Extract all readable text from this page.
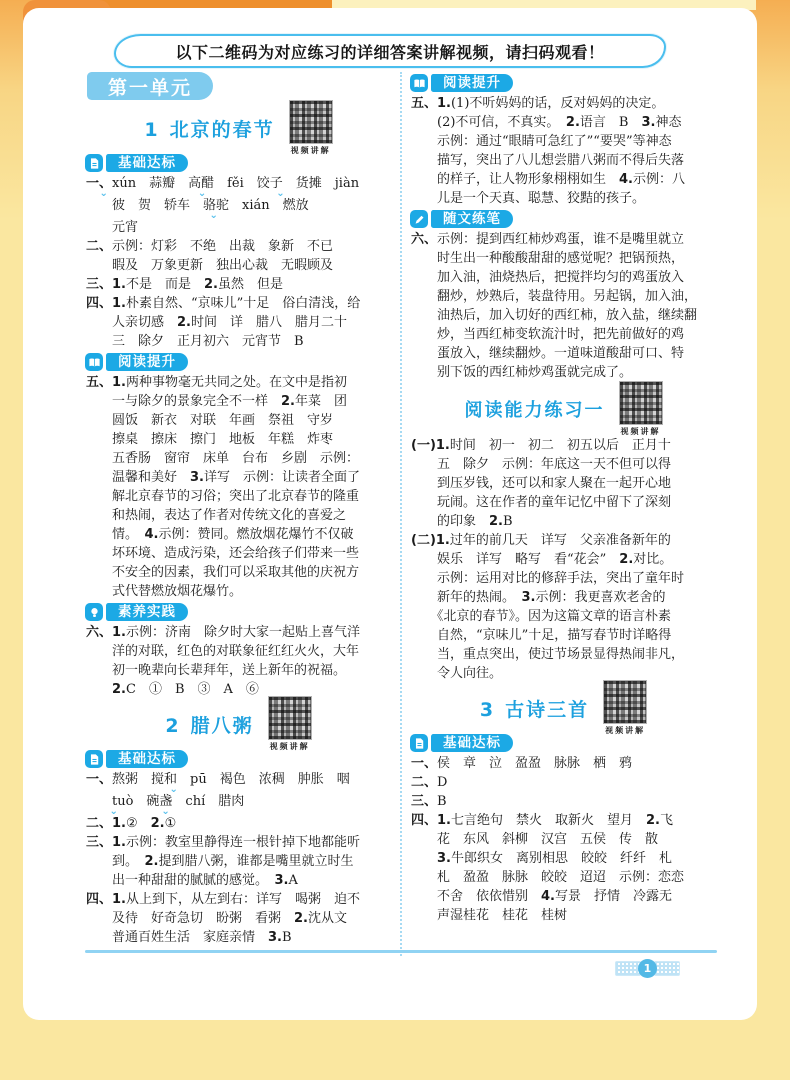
以下二维码为对应练习的详细答案讲解视频，请扫码观看！
第一单元
1 北京的春节
视频讲解
基础达标
一、xún　蒜瓣　高醋　fěi　饺子　货摊　jiàn
　 ⌄　　　　　　　　　⌄　　　　　　　⌄
　　彼　贺　轿车　骆驼　xián　燃放
　　　　　　　　　　　　 ⌄
　　元宵
二、示例：灯彩　不绝　出裁　象新　不已
　　暇及　万象更新　独出心裁　无暇顾及
三、1.不是　而是　2.虽然　但是
四、1.朴素自然、“京味儿”十足　俗白清浅，给
　　人亲切感　2.时间　详　腊八　腊月二十
　　三　除夕　正月初六　元宵节　B
阅读提升
五、1.两种事物毫无共同之处。在文中是指初
　　一与除夕的景象完全不一样　2.年菜　团
　　圆饭　新衣　对联　年画　祭祖　守岁
　　擦桌　擦床　擦门　地板　年糕　炸枣
　　五香肠　窗帘　床单　台布　乡剧　示例：
　　温馨和美好　3.详写　示例：让读者全面了
　　解北京春节的习俗；突出了北京春节的隆重
　　和热闹，表达了作者对传统文化的喜爱之
　　情。　4.示例：赞同。燃放烟花爆竹不仅破
　　坏环境、造成污染，还会给孩子们带来一些
　　不安全的因素，我们可以采取其他的庆祝方
　　式代替燃放烟花爆竹。
素养实践
六、1.示例：济南　除夕时大家一起贴上喜气洋
　　洋的对联，红色的对联象征红红火火，大年
　　初一晚辈向长辈拜年，送上新年的祝福。
　　2.C　①　B　③　A　⑥
2 腊八粥
视频讲解
基础达标
一、熬粥　搅和　pū　褐色　浓稠　肿胀　咽
　　　　　　　　 ⌄
　　tuò　碗盏　chí　腊肉
　　 ⌄　　　　 ⌄
二、1.②　2.①
三、1.示例：教室里静得连一根针掉下地都能听
　　到。　2.提到腊八粥，谁都是嘴里就立时生
　　出一种甜甜的腻腻的感觉。　3.A
四、1.从上到下，从左到右：详写　喝粥　迫不
　　及待　好奇急切　盼粥　看粥　2.沈从文
　　普通百姓生活　家庭亲情　3.B
阅读提升
五、1.(1)不听妈妈的话，反对妈妈的决定。
　　(2)不可信，不真实。　2.语言　B　3.神态
　　示例：通过“眼睛可急红了”“要哭”等神态
　　描写，突出了八儿想尝腊八粥而不得后失落
　　的样子，让人物形象栩栩如生　4.示例：八
　　儿是一个天真、聪慧、狡黠的孩子。
随文练笔
六、示例：提到西红柿炒鸡蛋，谁不是嘴里就立
　　时生出一种酸酸甜甜的感觉呢？把锅预热，
　　加入油，油烧热后，把搅拌均匀的鸡蛋放入
　　翻炒，炒熟后，装盘待用。另起锅，加入油，
　　油热后，加入切好的西红柿，放入盐，继续翻
　　炒，当西红柿变软流汁时，把先前做好的鸡
　　蛋放入，继续翻炒。一道味道酸甜可口、特
　　别下饭的西红柿炒鸡蛋就完成了。
阅读能力练习一
视频讲解
(一)1.时间　初一　初二　初五以后　正月十
　　五　除夕　示例：年底这一天不但可以得
　　到压岁钱，还可以和家人聚在一起开心地
　　玩闹。这在作者的童年记忆中留下了深刻
　　的印象　2.B
(二)1.过年的前几天　详写　父亲准备新年的
　　娱乐　详写　略写　看“花会”　2.对比。
　　示例：运用对比的修辞手法，突出了童年时
　　新年的热闹。　3.示例：我更喜欢老舍的
　　《北京的春节》。因为这篇文章的语言朴素
　　自然，“京味儿”十足，描写春节时详略得
　　当，重点突出，使过节场景显得热闹非凡，
　　令人向往。
3 古诗三首
视频讲解
基础达标
一、侯　章　泣　盈盈　脉脉　栖　鸦
二、D
三、B
四、1.七言绝句　禁火　取新火　望月　2.飞
　　花　东风　斜柳　汉宫　五侯　传　散
　　3.牛郎织女　离别相思　皎皎　纤纤　札
　　札　盈盈　脉脉　皎皎　迢迢　示例：恋恋
　　不舍　依依惜别　4.写景　抒情　冷露无
　　声湿桂花　桂花　桂树
1
